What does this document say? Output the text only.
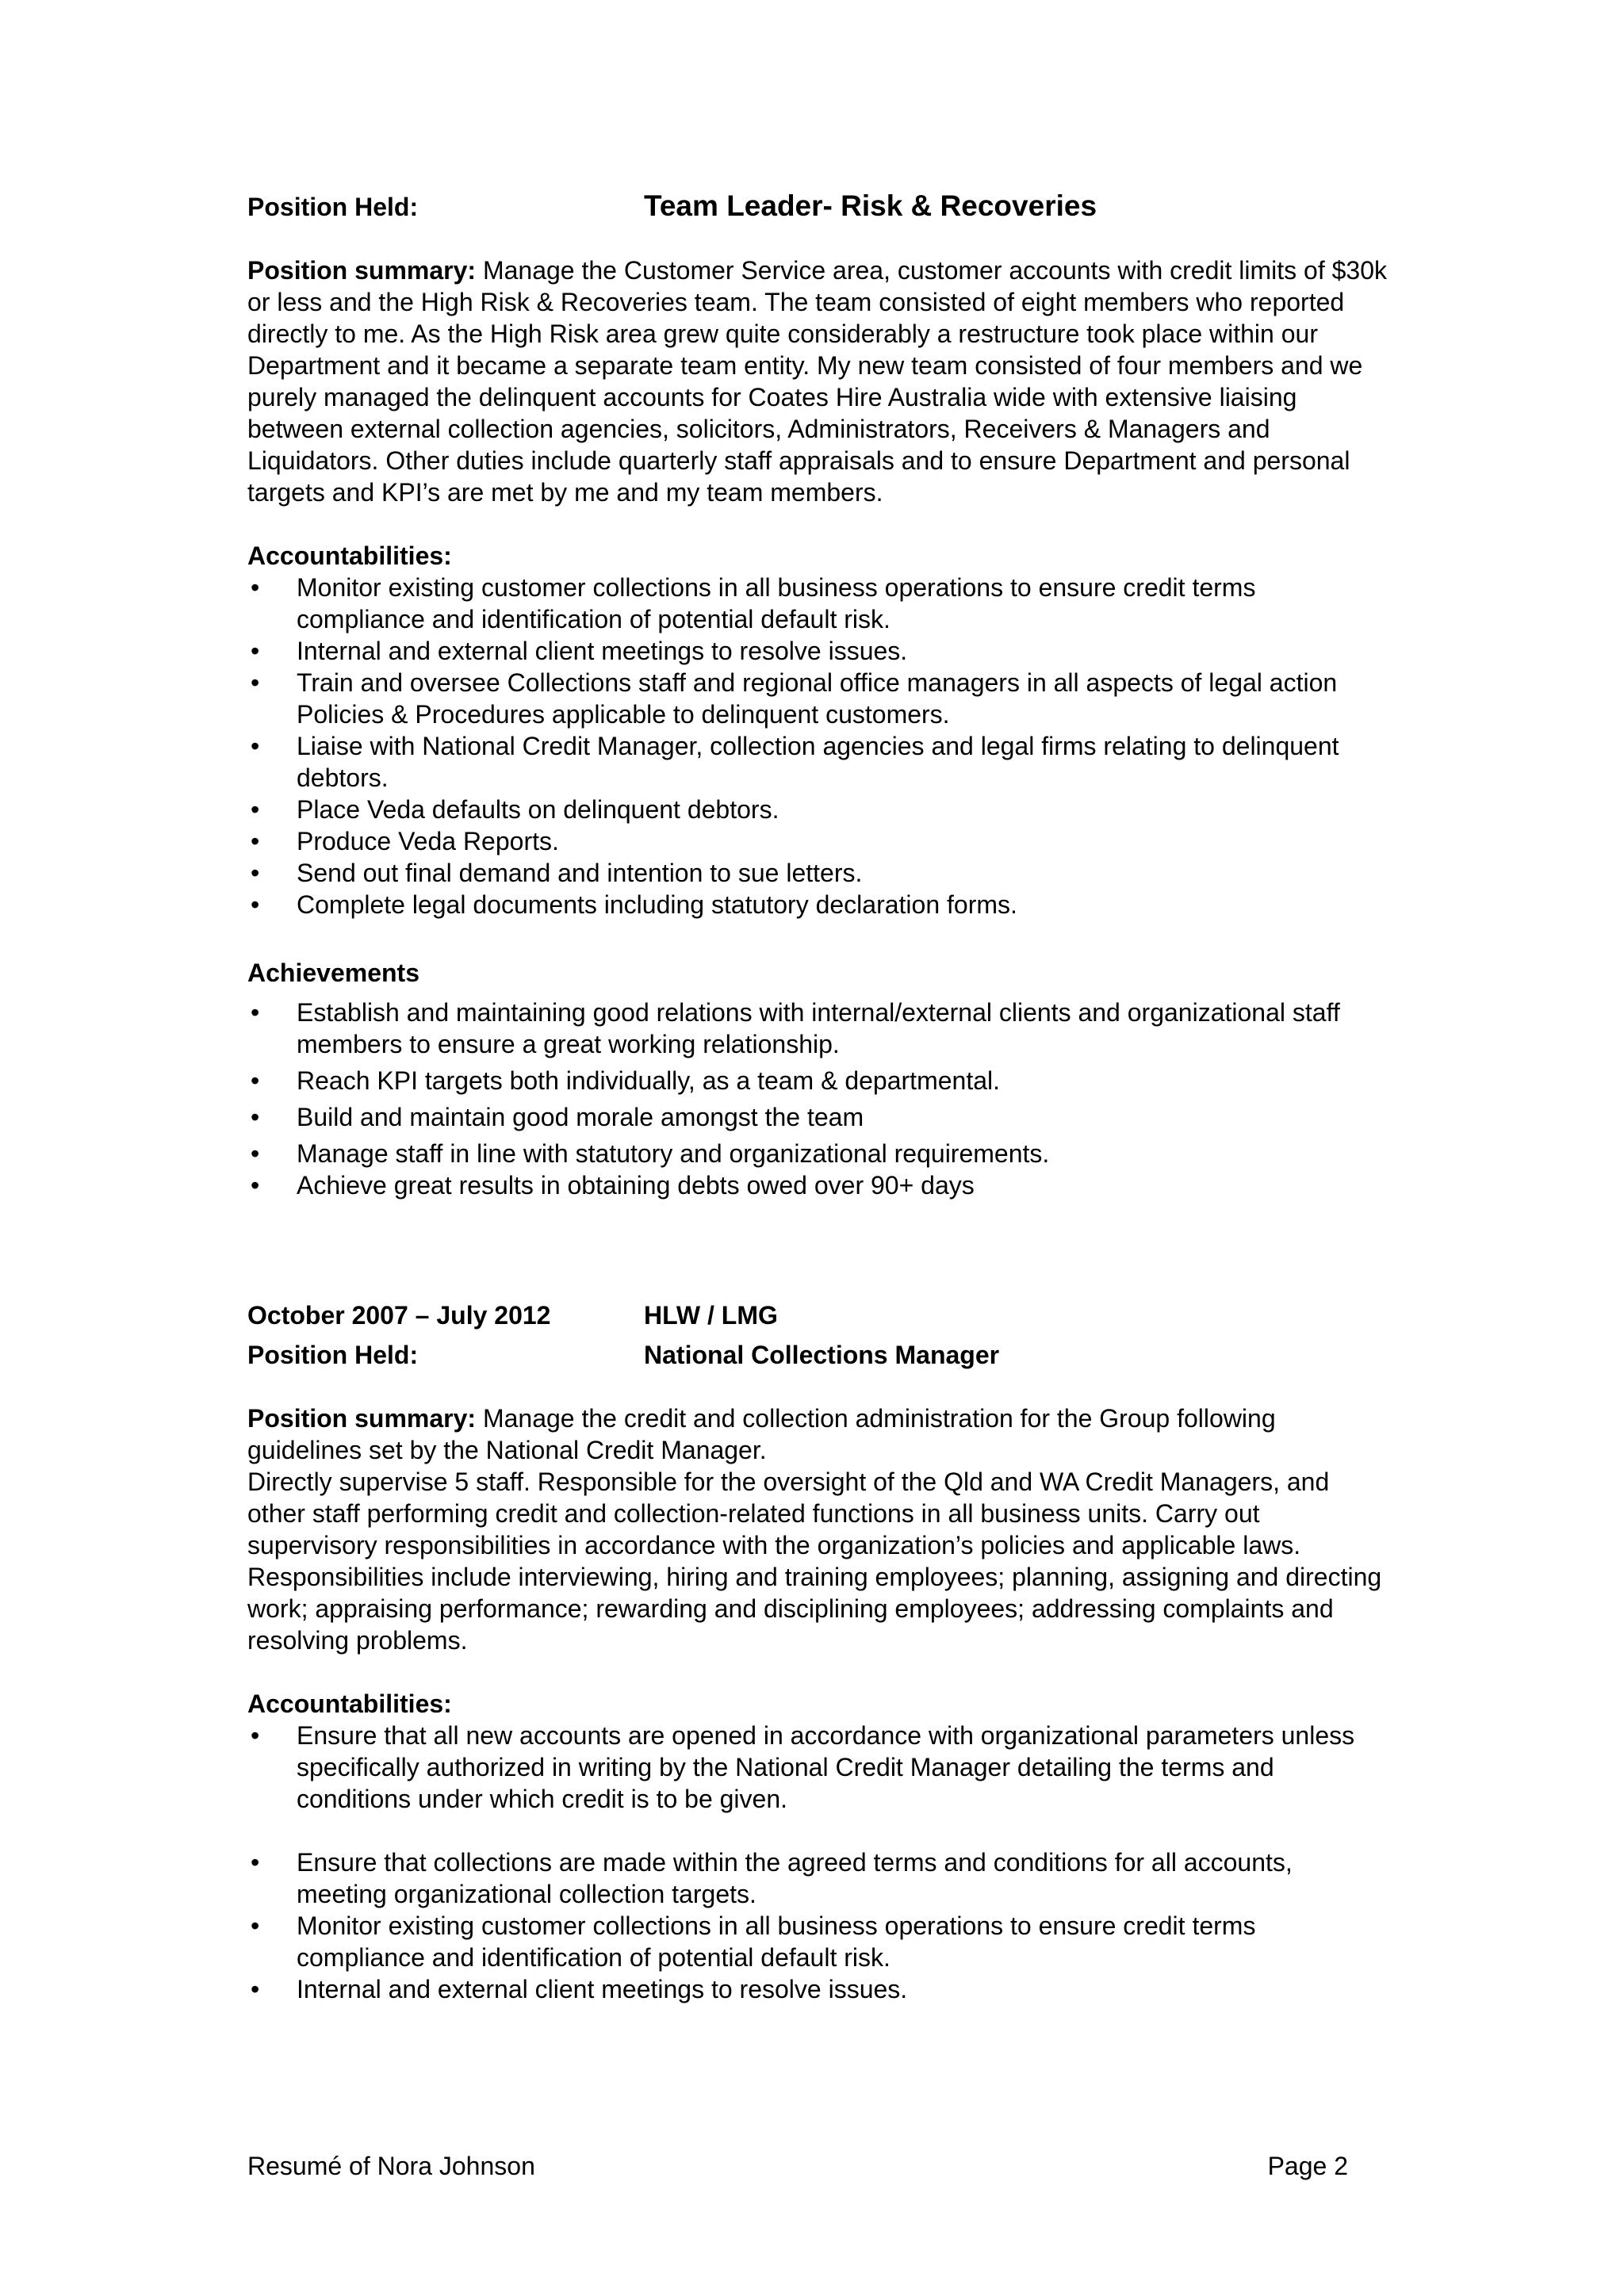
Position Held:	Team Leader- Risk & Recoveries

Position summary: Manage the Customer Service area, customer accounts with credit limits of $30k or less and the High Risk & Recoveries team. The team consisted of eight members who reported directly to me. As the High Risk area grew quite considerably a restructure took place within our Department and it became a separate team entity. My new team consisted of four members and we purely managed the delinquent accounts for Coates Hire Australia wide with extensive liaising between external collection agencies, solicitors, Administrators, Receivers & Managers and Liquidators. Other duties include quarterly staff appraisals and to ensure Department and personal targets and KPI’s are met by me and my team members.

Accountabilities:

• Monitor existing customer collections in all business operations to ensure credit terms compliance and identification of potential default risk.
• Internal and external client meetings to resolve issues.
• Train and oversee Collections staff and regional office managers in all aspects of legal action Policies & Procedures applicable to delinquent customers.
• Liaise with National Credit Manager, collection agencies and legal firms relating to delinquent debtors.
• Place Veda defaults on delinquent debtors.
• Produce Veda Reports.
• Send out final demand and intention to sue letters.
• Complete legal documents including statutory declaration forms.

Achievements

• Establish and maintaining good relations with internal/external clients and organizational staff members to ensure a great working relationship.
• Reach KPI targets both individually, as a team & departmental.
• Build and maintain good morale amongst the team
• Manage staff in line with statutory and organizational requirements.
• Achieve great results in obtaining debts owed over 90+ days
October 2007 – July 2012	HLW / LMG
Position Held:	National Collections Manager

Position summary: Manage the credit and collection administration for the Group following guidelines set by the National Credit Manager.

Directly supervise 5 staff. Responsible for the oversight of the Qld and WA Credit Managers, and other staff performing credit and collection-related functions in all business units. Carry out supervisory responsibilities in accordance with the organization’s policies and applicable laws. Responsibilities include interviewing, hiring and training employees; planning, assigning and directing work; appraising performance; rewarding and disciplining employees; addressing complaints and resolving problems.

Accountabilities:

• Ensure that all new accounts are opened in accordance with organizational parameters unless specifically authorized in writing by the National Credit Manager detailing the terms and conditions under which credit is to be given.
• Ensure that collections are made within the agreed terms and conditions for all accounts, meeting organizational collection targets.
• Monitor existing customer collections in all business operations to ensure credit terms compliance and identification of potential default risk.
• Internal and external client meetings to resolve issues.
Resumé of Nora Johnson	Page 2
